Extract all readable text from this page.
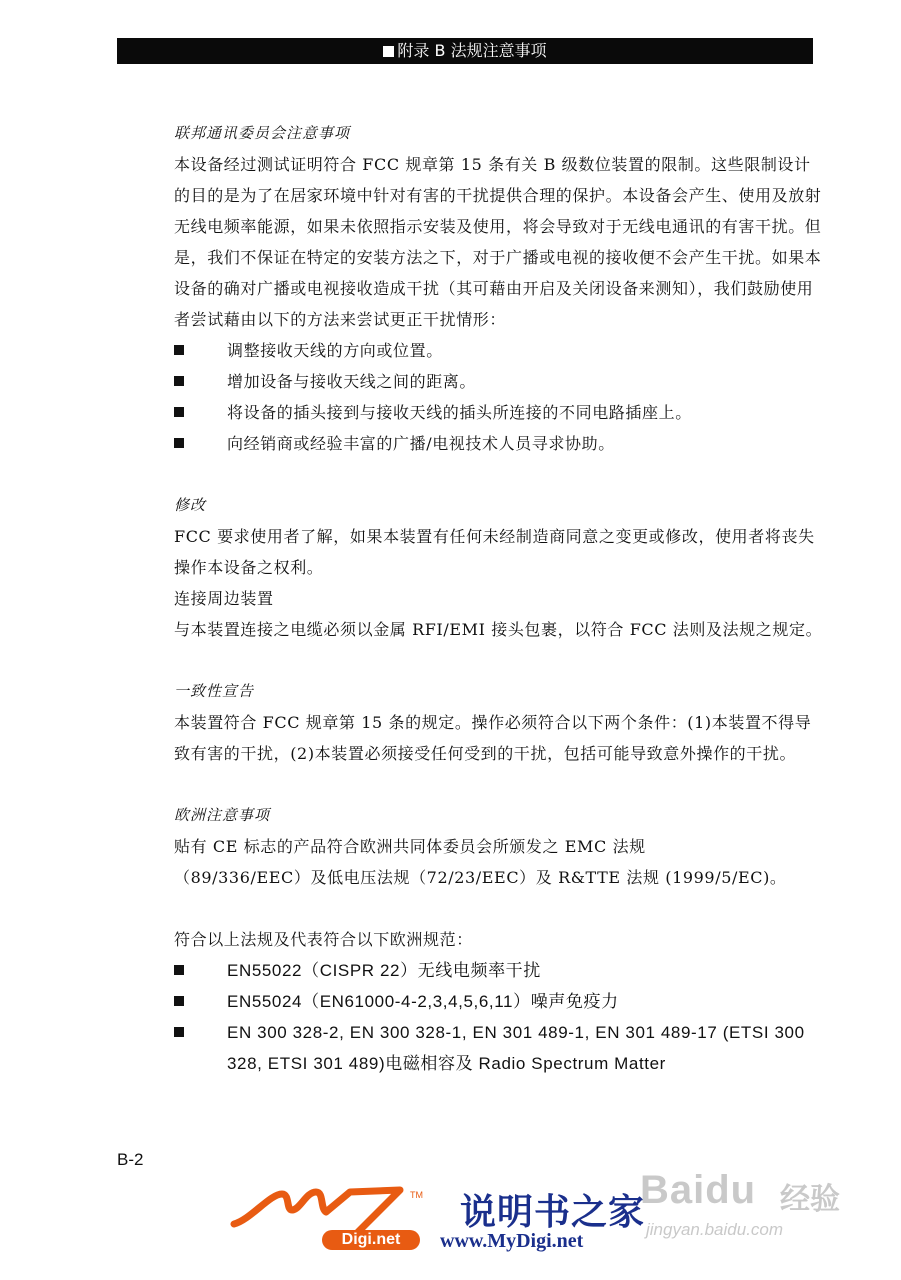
附录 B 法规注意事项
联邦通讯委员会注意事项
本设备经过测试证明符合 FCC 规章第 15 条有关 B 级数位装置的限制。这些限制设计的目的是为了在居家环境中针对有害的干扰提供合理的保护。本设备会产生、使用及放射无线电频率能源，如果未依照指示安装及使用，将会导致对于无线电通讯的有害干扰。但是，我们不保证在特定的安装方法之下，对于广播或电视的接收便不会产生干扰。如果本设备的确对广播或电视接收造成干扰（其可藉由开启及关闭设备来测知），我们鼓励使用者尝试藉由以下的方法来尝试更正干扰情形：
调整接收天线的方向或位置。
增加设备与接收天线之间的距离。
将设备的插头接到与接收天线的插头所连接的不同电路插座上。
向经销商或经验丰富的广播/电视技术人员寻求协助。
修改
FCC 要求使用者了解，如果本装置有任何未经制造商同意之变更或修改，使用者将丧失操作本设备之权利。
连接周边装置
与本装置连接之电缆必须以金属 RFI/EMI 接头包裹，以符合 FCC 法则及法规之规定。
一致性宣告
本装置符合 FCC 规章第 15 条的规定。操作必须符合以下两个条件：(1)本装置不得导致有害的干扰，(2)本装置必须接受任何受到的干扰，包括可能导致意外操作的干扰。
欧洲注意事项
贴有 CE 标志的产品符合欧洲共同体委员会所颁发之 EMC 法规
（89/336/EEC）及低电压法规（72/23/EEC）及 R&TTE 法规 (1999/5/EC)。
符合以上法规及代表符合以下欧洲规范：
EN55022（CISPR 22）无线电频率干扰
EN55024（EN61000-4-2,3,4,5,6,11）噪声免疫力
EN 300 328-2, EN 300 328-1, EN 301 489-1, EN 301 489-17 (ETSI 300 328, ETSI 301 489)电磁相容及 Radio Spectrum Matter
B-2
TM
Digi.net
说明书之家
www.MyDigi.net
Baidu 经验
jingyan.baidu.com
